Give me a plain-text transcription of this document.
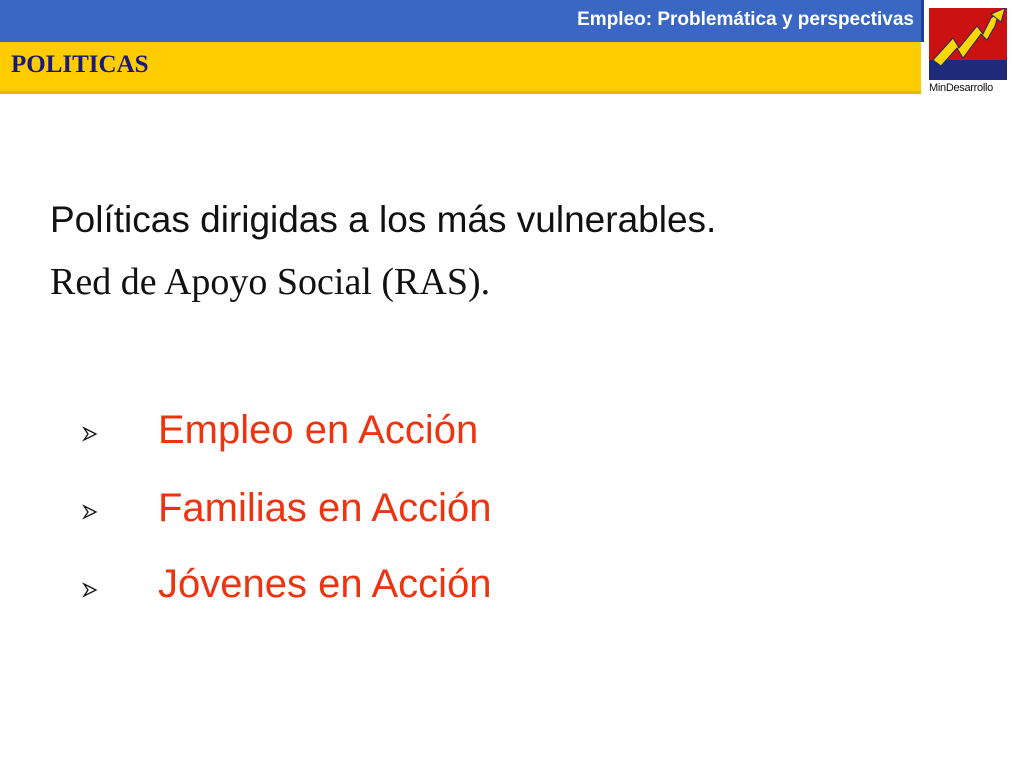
Empleo: Problemática y perspectivas
POLITICAS
MinDesarrollo
Políticas dirigidas a los más vulnerables.
Red de Apoyo Social (RAS).
Empleo en Acción
Familias en Acción
Jóvenes en Acción
